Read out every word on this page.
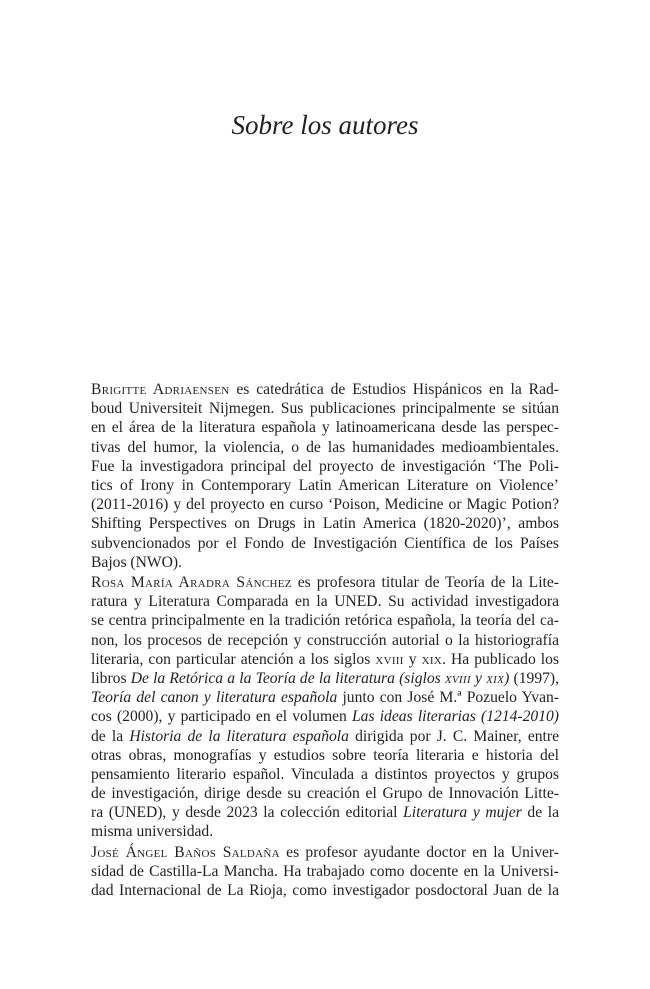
Sobre los autores
Brigitte Adriaensen es catedrática de Estudios Hispánicos en la Rad-
boud Universiteit Nijmegen. Sus publicaciones principalmente se sitúan
en el área de la literatura española y latinoamericana desde las perspec-
tivas del humor, la violencia, o de las humanidades medioambientales.
Fue la investigadora principal del proyecto de investigación ‘The Poli-
tics of Irony in Contemporary Latin American Literature on Violence’
(2011-2016) y del proyecto en curso ‘Poison, Medicine or Magic Potion?
Shifting Perspectives on Drugs in Latin America (1820-2020)’, ambos
subvencionados por el Fondo de Investigación Científica de los Países
Bajos (NWO).
Rosa María Aradra Sánchez es profesora titular de Teoría de la Lite-
ratura y Literatura Comparada en la UNED. Su actividad investigadora
se centra principalmente en la tradición retórica española, la teoría del ca-
non, los procesos de recepción y construcción autorial o la historiografía
literaria, con particular atención a los siglos xviii y xix. Ha publicado los
libros De la Retórica a la Teoría de la literatura (siglos xviii y xix) (1997),
Teoría del canon y literatura española junto con José M.ª Pozuelo Yvan-
cos (2000), y participado en el volumen Las ideas literarias (1214-2010)
de la Historia de la literatura española dirigida por J. C. Mainer, entre
otras obras, monografías y estudios sobre teoría literaria e historia del
pensamiento literario español. Vinculada a distintos proyectos y grupos
de investigación, dirige desde su creación el Grupo de Innovación Litte-
ra (UNED), y desde 2023 la colección editorial Literatura y mujer de la
misma universidad.
José Ángel Baños Saldaña es profesor ayudante doctor en la Univer-
sidad de Castilla-La Mancha. Ha trabajado como docente en la Universi-
dad Internacional de La Rioja, como investigador posdoctoral Juan de la
